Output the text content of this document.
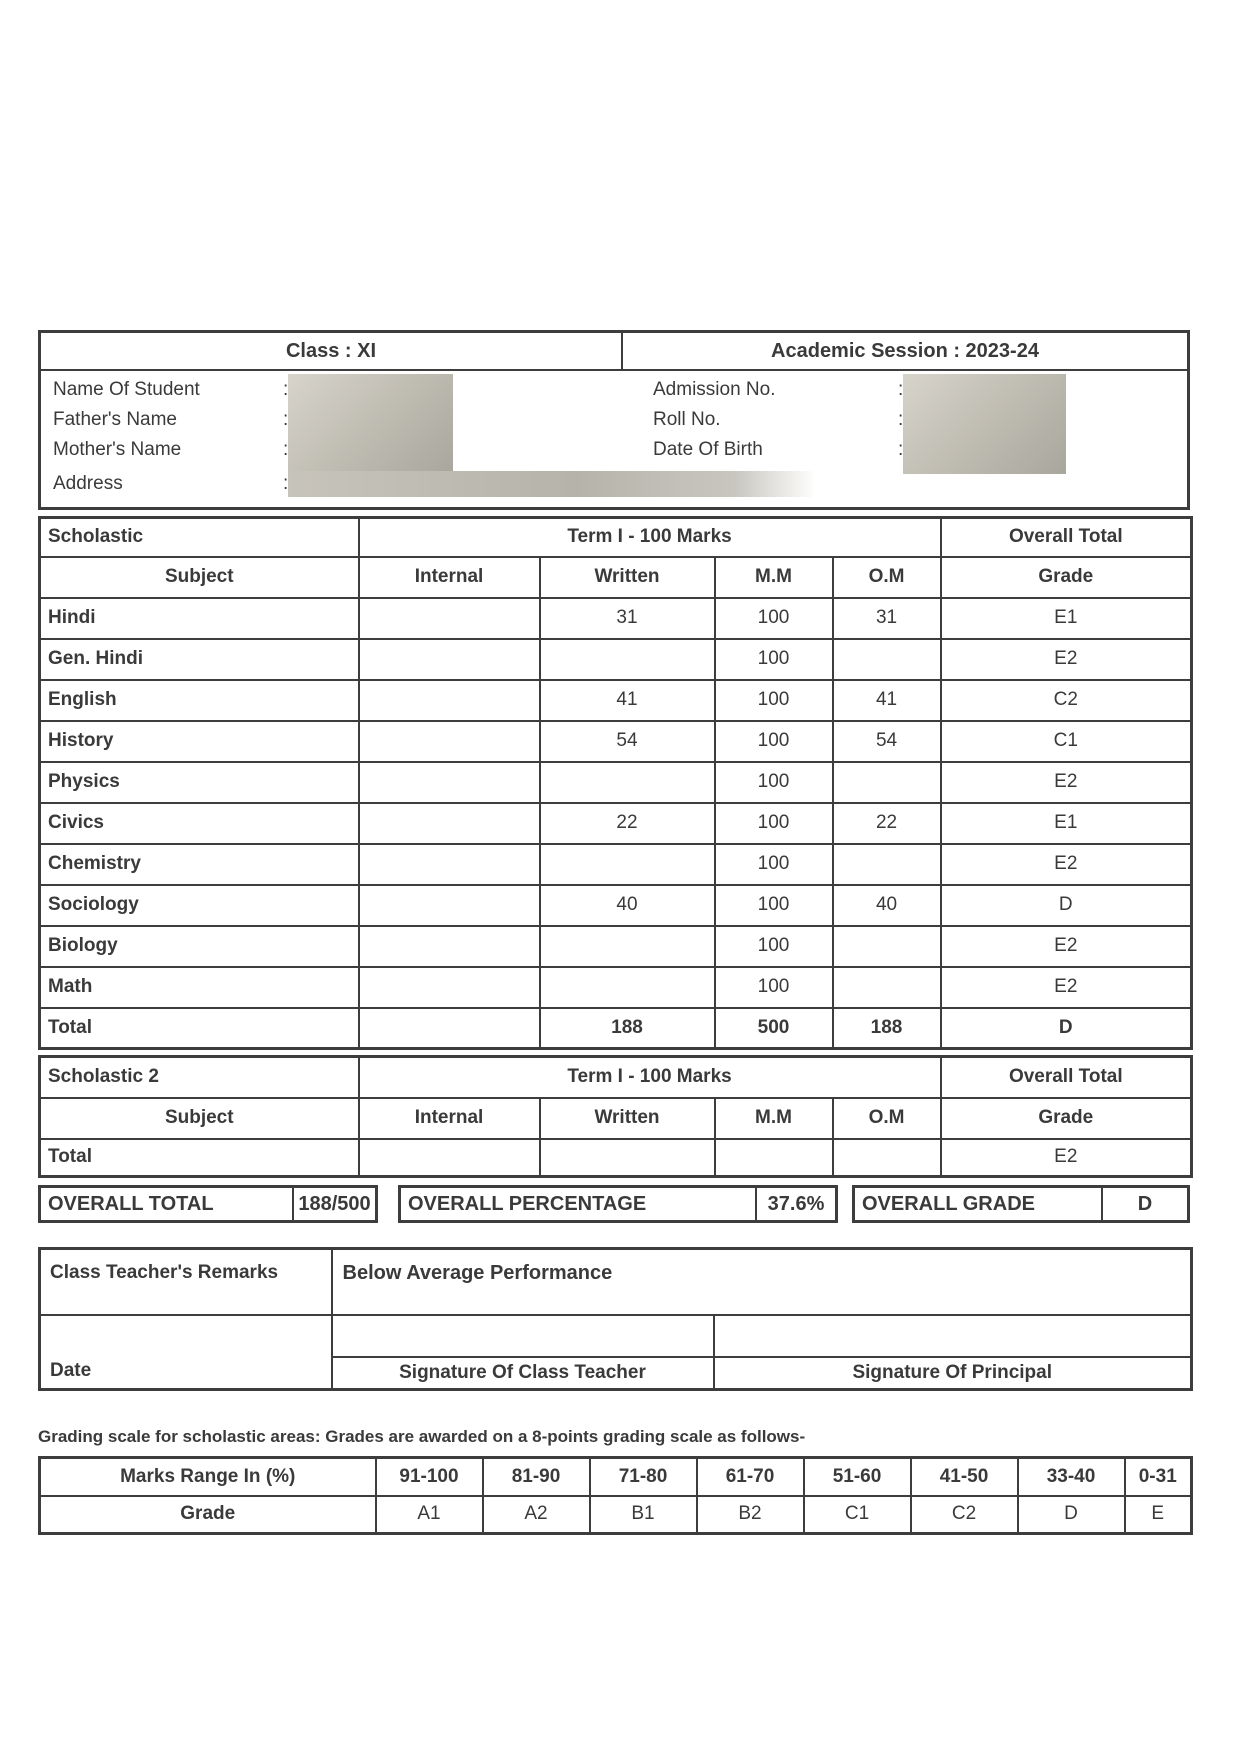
Class : XI	Academic Session : 2023-24
Name Of Student	:
Father's Name	:
Mother's Name	:
Address	:
Admission No.	:
Roll No.	:
Date Of Birth	:
Scholastic	Term I - 100 Marks				Overall Total
Subject	Internal	Written	M.M	O.M	Grade
Hindi		31	100	31	E1
Gen. Hindi			100		E2
English		41	100	41	C2
History		54	100	54	C1
Physics			100		E2
Civics		22	100	22	E1
Chemistry			100		E2
Sociology		40	100	40	D
Biology			100		E2
Math			100		E2
Total		188	500	188	D
Scholastic 2	Term I - 100 Marks				Overall Total
Subject	Internal	Written	M.M	O.M	Grade
Total					E2
OVERALL TOTAL	188/500	OVERALL PERCENTAGE	37.6%	OVERALL GRADE	D
Class Teacher's Remarks	Below Average Performance	
Date		
	Signature Of Class Teacher	Signature Of Principal
Grading scale for scholastic areas: Grades are awarded on a 8-points grading scale as follows-
Marks Range In (%)	91-100	81-90	71-80	61-70	51-60	41-50	33-40	0-31
Grade	A1	A2	B1	B2	C1	C2	D	E
